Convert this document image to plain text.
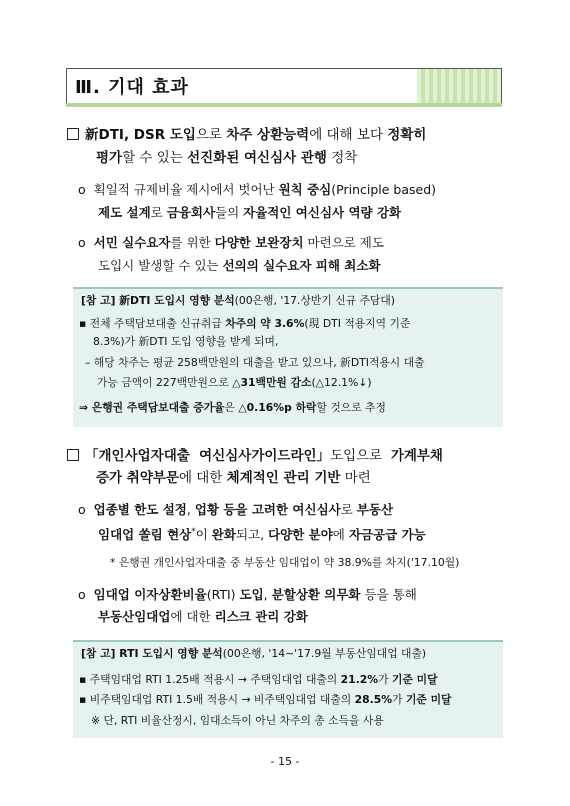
Ⅲ. 기대 효과
新DTI, DSR 도입으로 차주 상환능력에 대해 보다 정확히
평가할 수 있는 선진화된 여신심사 관행 정착
o 획일적 규제비율 제시에서 벗어난 원칙 중심(Principle based)
제도 설계로 금융회사들의 자율적인 여신심사 역량 강화
o 서민 실수요자를 위한 다양한 보완장치 마련으로 제도
도입시 발생할 수 있는 선의의 실수요자 피해 최소화
[참 고] 新DTI 도입시 영향 분석(00은행, '17.상반기 신규 주담대)
▪ 전체 주택담보대출 신규취급 차주의 약 3.6%(現 DTI 적용지역 기준
8.3%)가 新DTI 도입 영향을 받게 되며,
– 해당 차주는 평균 258백만원의 대출을 받고 있으나, 新DTI적용시 대출
가능 금액이 227백만원으로 △31백만원 감소(△12.1%↓)
⇒ 은행권 주택담보대출 증가율은 △0.16%p 하락할 것으로 추정
「개인사업자대출  여신심사가이드라인」도입으로  가계부채
증가 취약부문에 대한 체계적인 관리 기반 마련
o 업종별 한도 설정, 업황 등을 고려한 여신심사로 부동산
임대업 쏠림 현상*이 완화되고, 다양한 분야에 자금공급 가능
* 은행권 개인사업자대출 중 부동산 임대업이 약 38.9%를 차지('17.10월)
o 임대업 이자상환비율(RTI) 도입, 분할상환 의무화 등을 통해
부동산임대업에 대한 리스크 관리 강화
[참 고] RTI 도입시 영향 분석(00은행, '14∼'17.9월 부동산임대업 대출)
▪ 주택임대업 RTI 1.25배 적용시 → 주택임대업 대출의 21.2%가 기준 미달
▪ 비주택임대업 RTI 1.5배 적용시 → 비주택임대업 대출의 28.5%가 기준 미달
※ 단, RTI 비율산정시, 임대소득이 아닌 차주의 총 소득을 사용
- 15 -
